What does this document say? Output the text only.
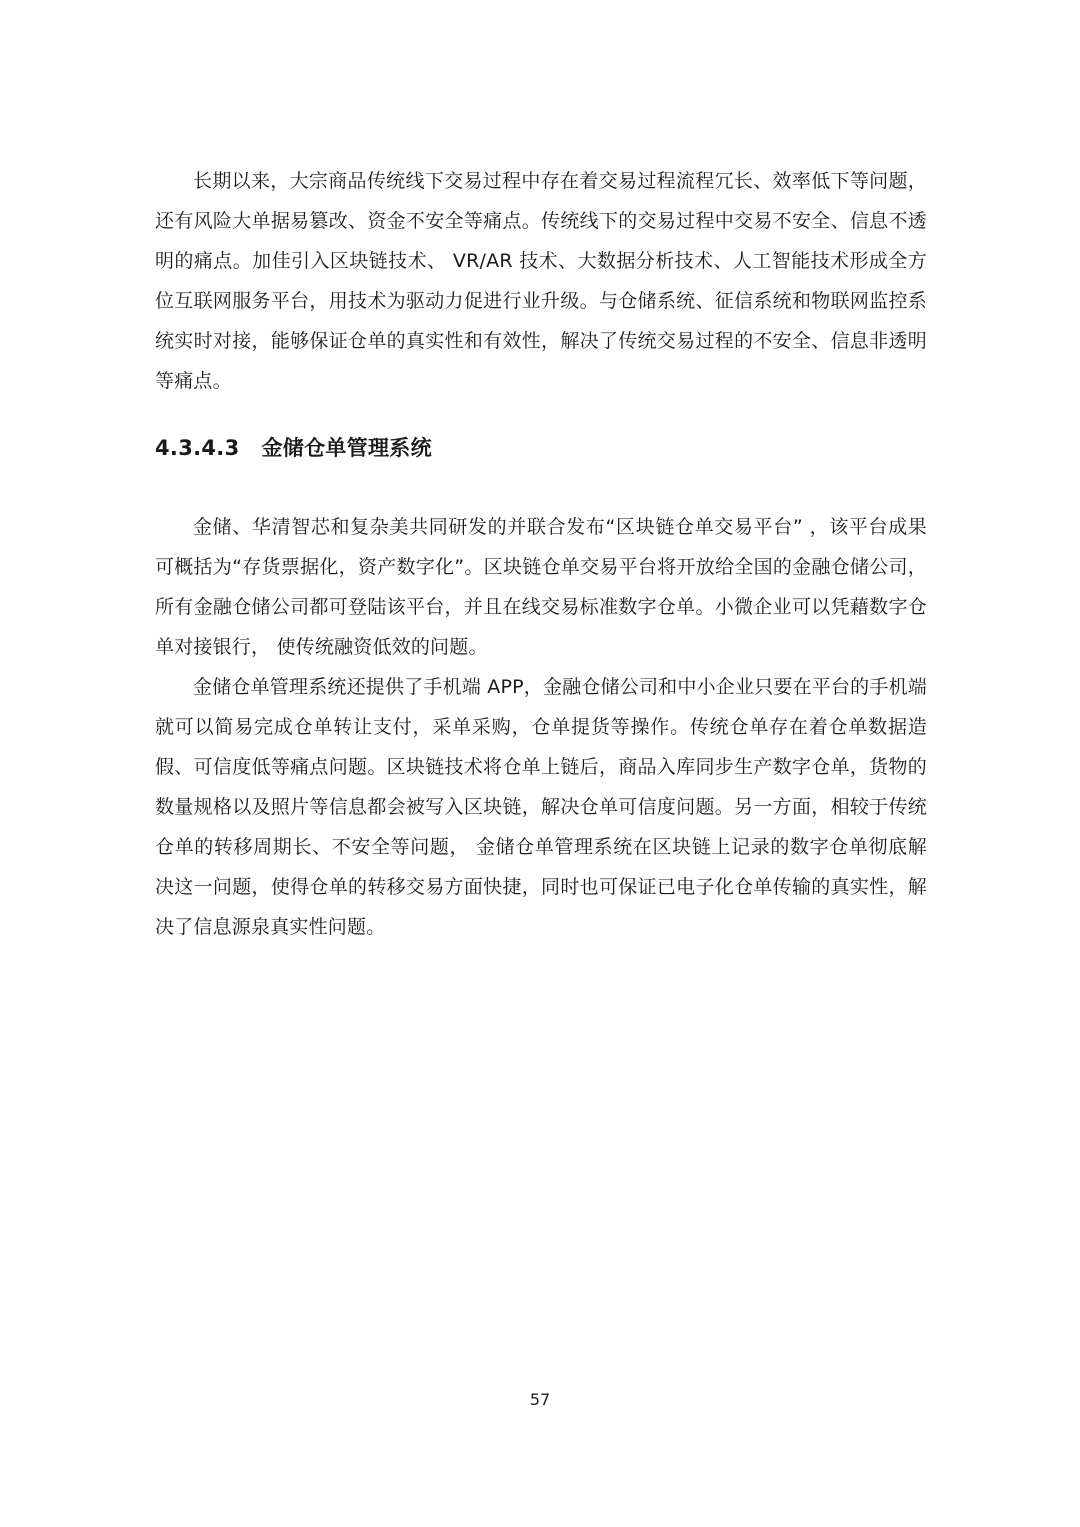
长期以来，大宗商品传统线下交易过程中存在着交易过程流程冗长、效率低下等问题，还有风险大单据易篡改、资金不安全等痛点。传统线下的交易过程中交易不安全、信息不透明的痛点。加佳引入区块链技术、 VR/AR 技术、大数据分析技术、人工智能技术形成全方位互联网服务平台，用技术为驱动力促进行业升级。与仓储系统、征信系统和物联网监控系统实时对接，能够保证仓单的真实性和有效性，解决了传统交易过程的不安全、信息非透明等痛点。

4.3.4.3 金储仓单管理系统

金储、华清智芯和复杂美共同研发的并联合发布“区块链仓单交易平台” ，该平台成果可概括为“存货票据化，资产数字化”。区块链仓单交易平台将开放给全国的金融仓储公司，所有金融仓储公司都可登陆该平台，并且在线交易标准数字仓单。小微企业可以凭藉数字仓单对接银行， 使传统融资低效的问题。

金储仓单管理系统还提供了手机端 APP，金融仓储公司和中小企业只要在平台的手机端就可以简易完成仓单转让支付，采单采购，仓单提货等操作。传统仓单存在着仓单数据造假、可信度低等痛点问题。区块链技术将仓单上链后，商品入库同步生产数字仓单，货物的数量规格以及照片等信息都会被写入区块链，解决仓单可信度问题。另一方面，相较于传统仓单的转移周期长、不安全等问题， 金储仓单管理系统在区块链上记录的数字仓单彻底解决这一问题，使得仓单的转移交易方面快捷，同时也可保证已电子化仓单传输的真实性，解决了信息源泉真实性问题。

57
